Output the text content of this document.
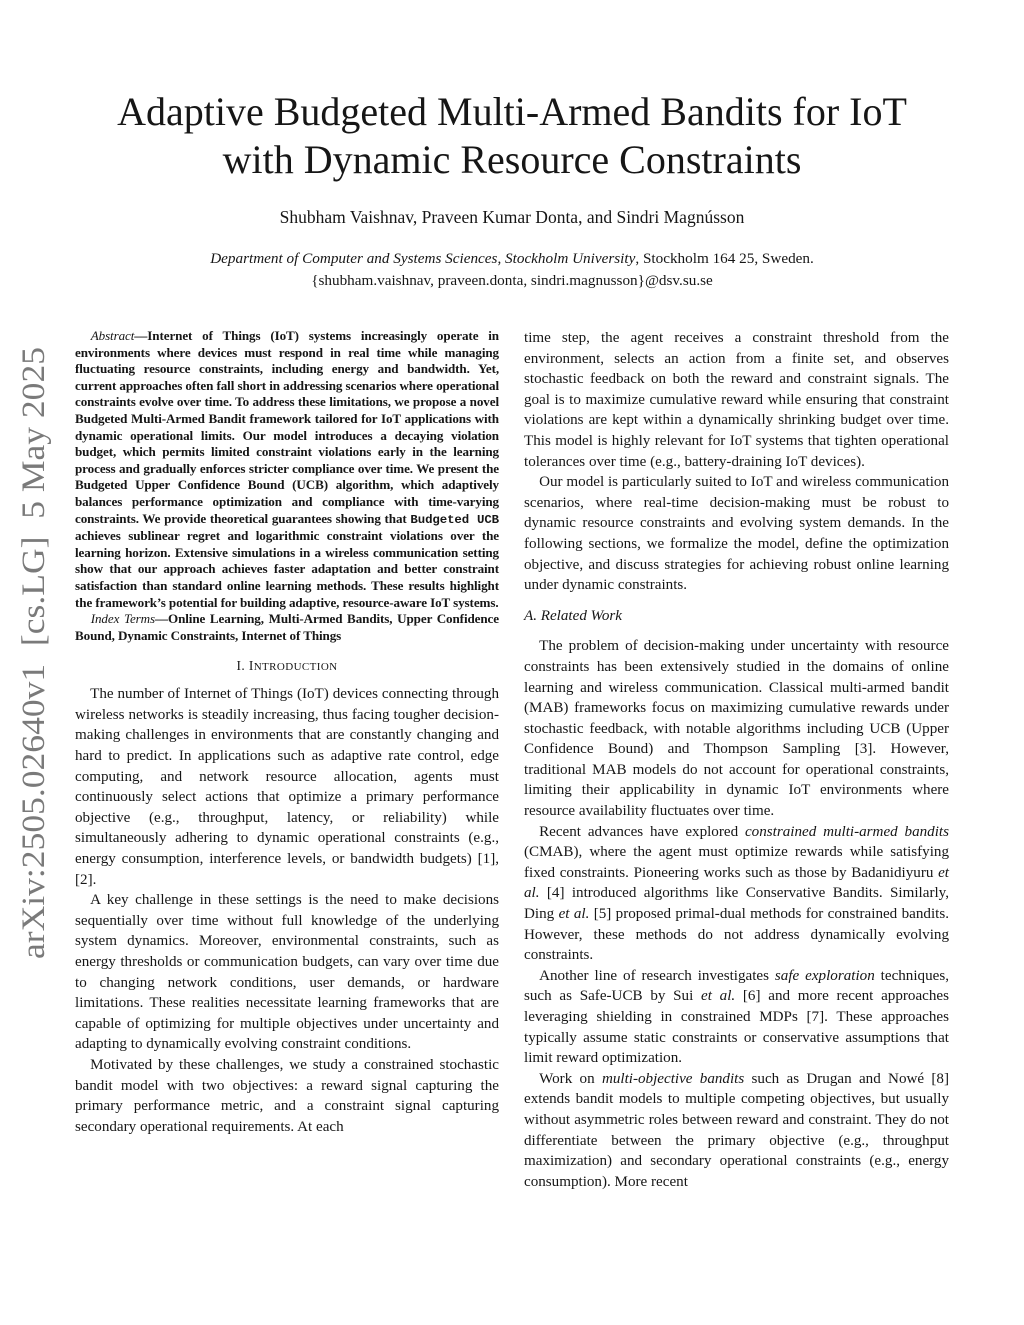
Adaptive Budgeted Multi-Armed Bandits for IoT
with Dynamic Resource Constraints
Shubham Vaishnav, Praveen Kumar Donta, and Sindri Magnússon
Department of Computer and Systems Sciences, Stockholm University, Stockholm 164 25, Sweden.
{shubham.vaishnav, praveen.donta, sindri.magnusson}@dsv.su.se
arXiv:2505.02640v1  [cs.LG]  5 May 2025

Abstract—Internet of Things (IoT) systems increasingly operate in environments where devices must respond in real time while managing fluctuating resource constraints, including energy and bandwidth. Yet, current approaches often fall short in addressing scenarios where operational constraints evolve over time. To address these limitations, we propose a novel Budgeted Multi-Armed Bandit framework tailored for IoT applications with dynamic operational limits. Our model introduces a decaying violation budget, which permits limited constraint violations early in the learning process and gradually enforces stricter compliance over time. We present the Budgeted Upper Confidence Bound (UCB) algorithm, which adaptively balances performance optimization and compliance with time-varying constraints. We provide theoretical guarantees showing that Budgeted UCB achieves sublinear regret and logarithmic constraint violations over the learning horizon. Extensive simulations in a wireless communication setting show that our approach achieves faster adaptation and better constraint satisfaction than standard online learning methods. These results highlight the framework’s potential for building adaptive, resource-aware IoT systems.

Index Terms—Online Learning, Multi-Armed Bandits, Upper Confidence Bound, Dynamic Constraints, Internet of Things

I. INTRODUCTION

The number of Internet of Things (IoT) devices connecting through wireless networks is steadily increasing, thus facing tougher decision-making challenges in environments that are constantly changing and hard to predict. In applications such as adaptive rate control, edge computing, and network resource allocation, agents must continuously select actions that optimize a primary performance objective (e.g., throughput, latency, or reliability) while simultaneously adhering to dynamic operational constraints (e.g., energy consumption, interference levels, or bandwidth budgets) [1], [2].

A key challenge in these settings is the need to make decisions sequentially over time without full knowledge of the underlying system dynamics. Moreover, environmental constraints, such as energy thresholds or communication budgets, can vary over time due to changing network conditions, user demands, or hardware limitations. These realities necessitate learning frameworks that are capable of optimizing for multiple objectives under uncertainty and adapting to dynamically evolving constraint conditions.

Motivated by these challenges, we study a constrained stochastic bandit model with two objectives: a reward signal capturing the primary performance metric, and a constraint signal capturing secondary operational requirements. At each

time step, the agent receives a constraint threshold from the environment, selects an action from a finite set, and observes stochastic feedback on both the reward and constraint signals. The goal is to maximize cumulative reward while ensuring that constraint violations are kept within a dynamically shrinking budget over time. This model is highly relevant for IoT systems that tighten operational tolerances over time (e.g., battery-draining IoT devices).

Our model is particularly suited to IoT and wireless communication scenarios, where real-time decision-making must be robust to dynamic resource constraints and evolving system demands. In the following sections, we formalize the model, define the optimization objective, and discuss strategies for achieving robust online learning under dynamic constraints.

A. Related Work

The problem of decision-making under uncertainty with resource constraints has been extensively studied in the domains of online learning and wireless communication. Classical multi-armed bandit (MAB) frameworks focus on maximizing cumulative rewards under stochastic feedback, with notable algorithms including UCB (Upper Confidence Bound) and Thompson Sampling [3]. However, traditional MAB models do not account for operational constraints, limiting their applicability in dynamic IoT environments where resource availability fluctuates over time.

Recent advances have explored constrained multi-armed bandits (CMAB), where the agent must optimize rewards while satisfying fixed constraints. Pioneering works such as those by Badanidiyuru et al. [4] introduced algorithms like Conservative Bandits. Similarly, Ding et al. [5] proposed primal-dual methods for constrained bandits. However, these methods do not address dynamically evolving constraints.

Another line of research investigates safe exploration techniques, such as Safe-UCB by Sui et al. [6] and more recent approaches leveraging shielding in constrained MDPs [7]. These approaches typically assume static constraints or conservative assumptions that limit reward optimization.

Work on multi-objective bandits such as Drugan and Nowé [8] extends bandit models to multiple competing objectives, but usually without asymmetric roles between reward and constraint. They do not differentiate between the primary objective (e.g., throughput maximization) and secondary operational constraints (e.g., energy consumption). More recent
